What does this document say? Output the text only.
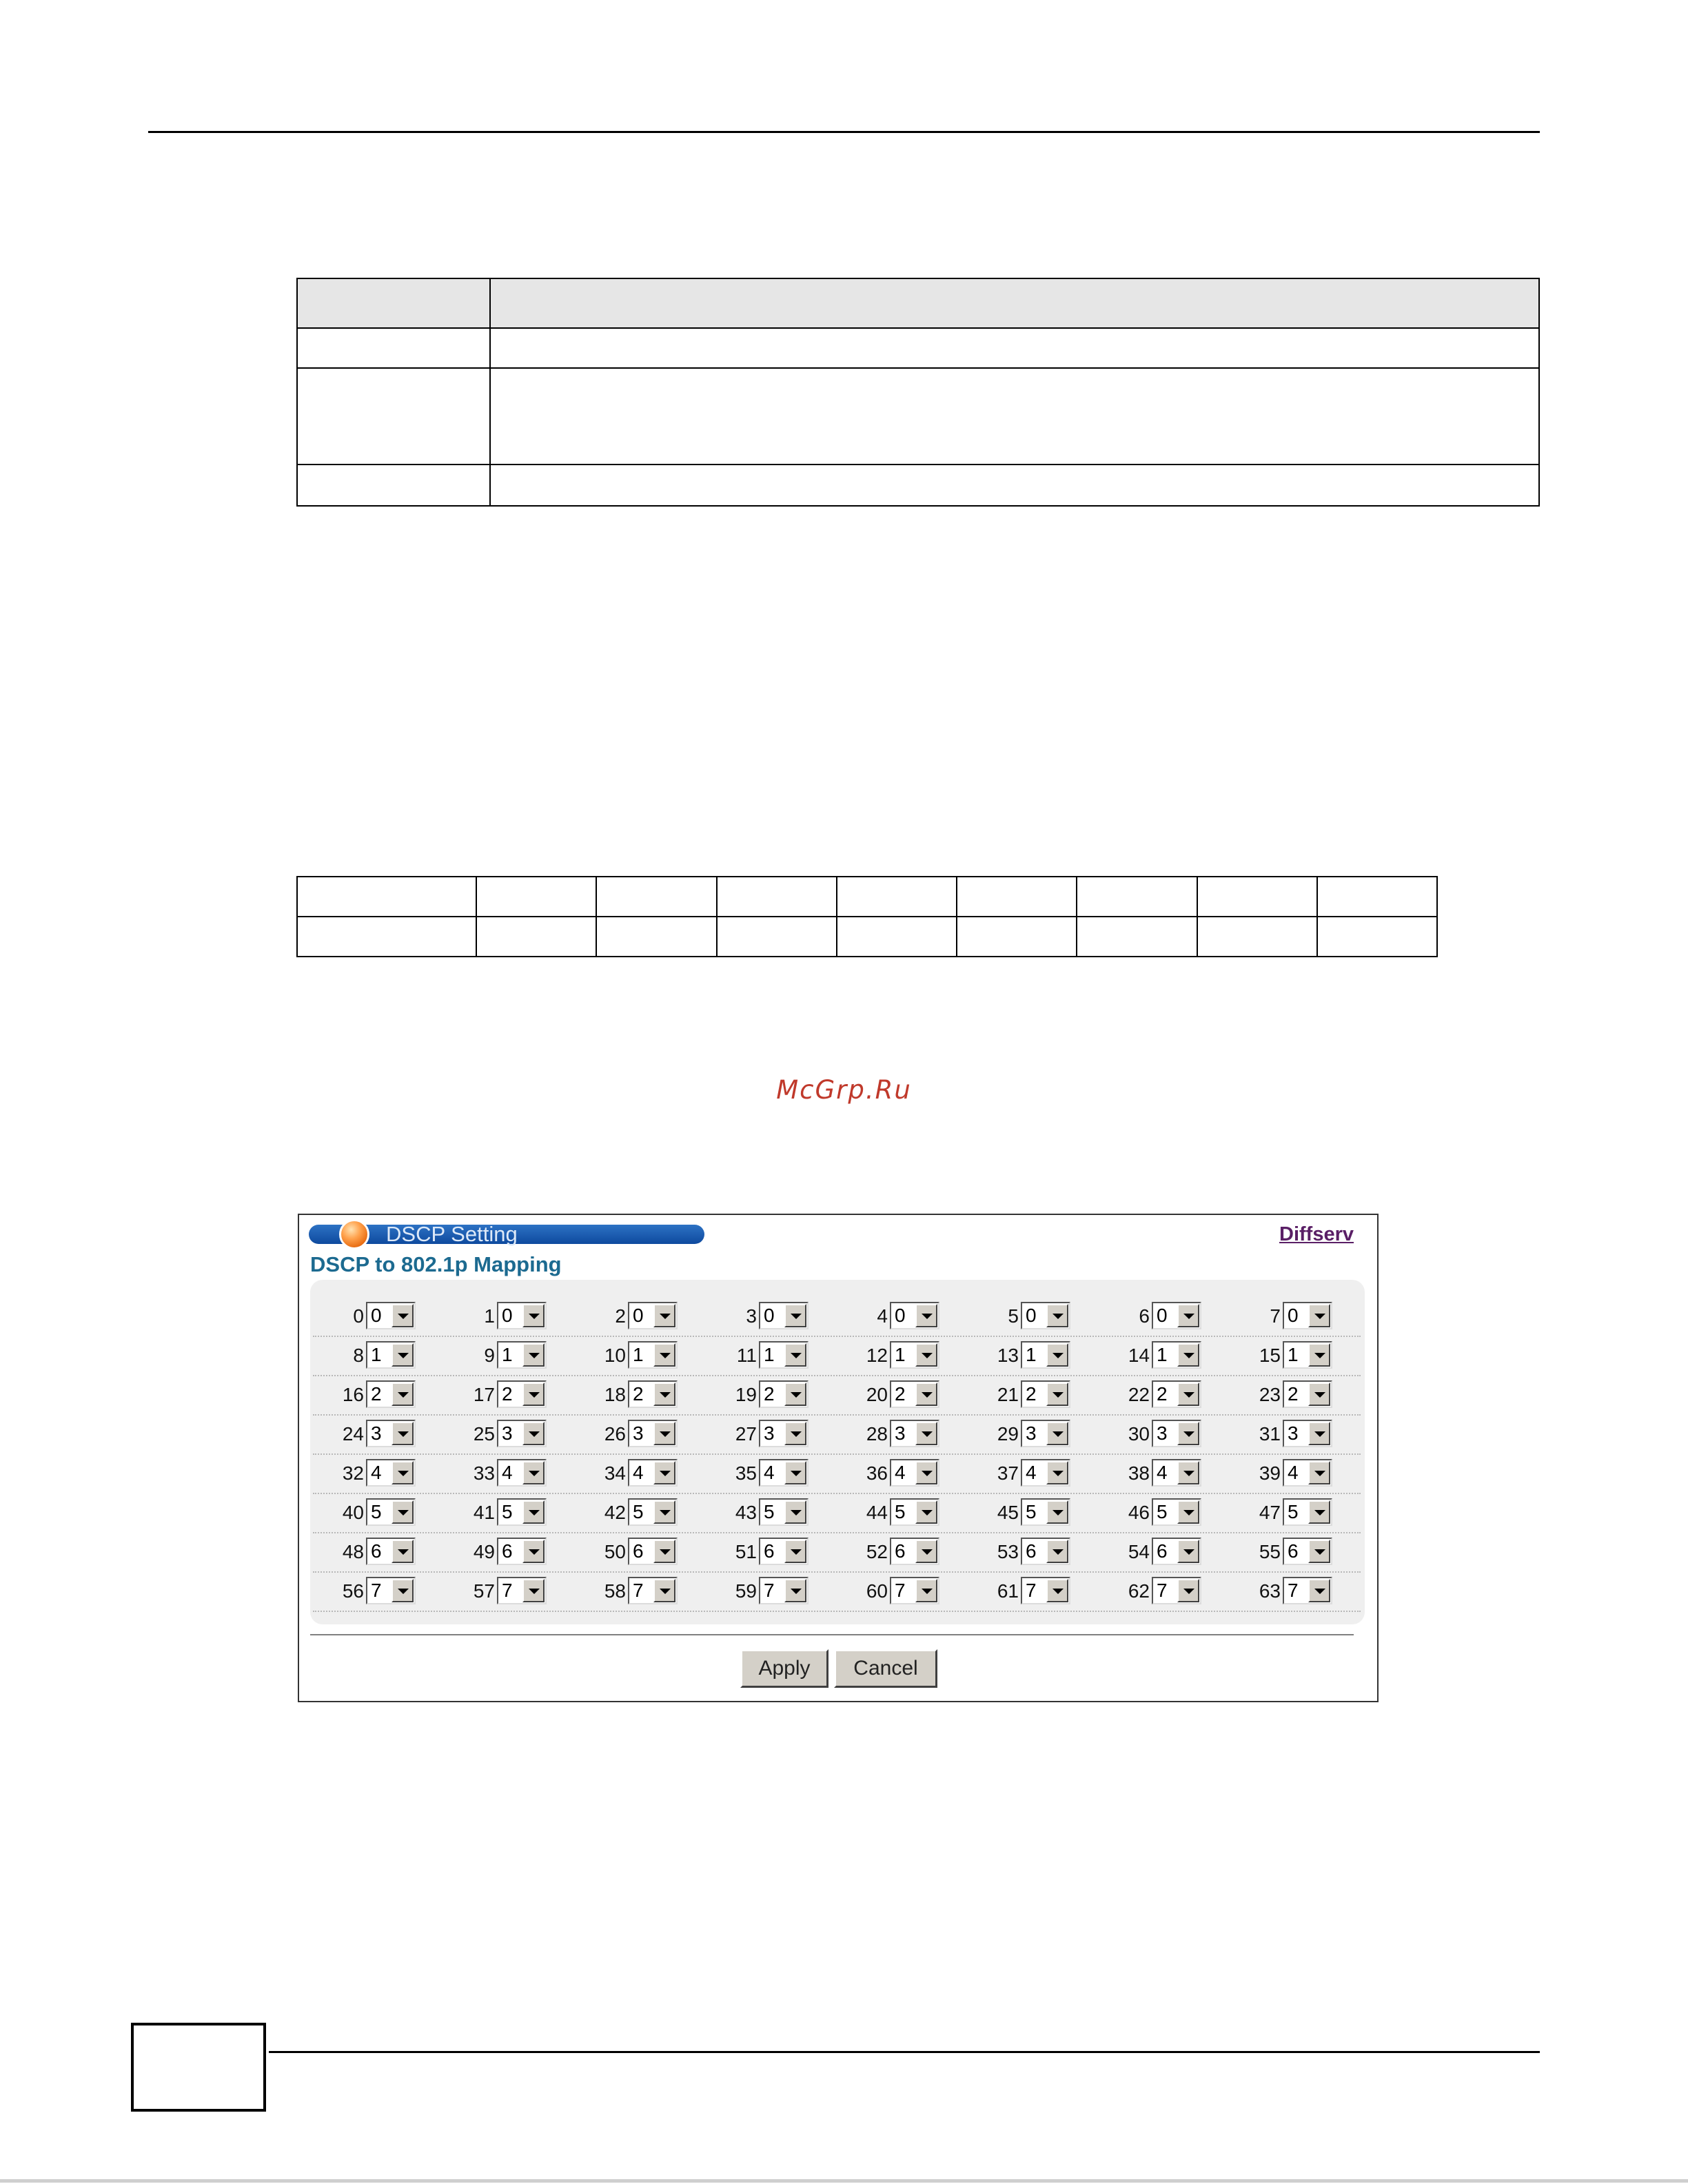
McGrp.Ru
DSCP Setting	Diffserv
DSCP to 802.1p Mapping
0 0	1 0	2 0	3 0	4 0	5 0	6 0	7 0
8 1	9 1	10 1	11 1	12 1	13 1	14 1	15 1
16 2	17 2	18 2	19 2	20 2	21 2	22 2	23 2
24 3	25 3	26 3	27 3	28 3	29 3	30 3	31 3
32 4	33 4	34 4	35 4	36 4	37 4	38 4	39 4
40 5	41 5	42 5	43 5	44 5	45 5	46 5	47 5
48 6	49 6	50 6	51 6	52 6	53 6	54 6	55 6
56 7	57 7	58 7	59 7	60 7	61 7	62 7	63 7
Apply	Cancel
